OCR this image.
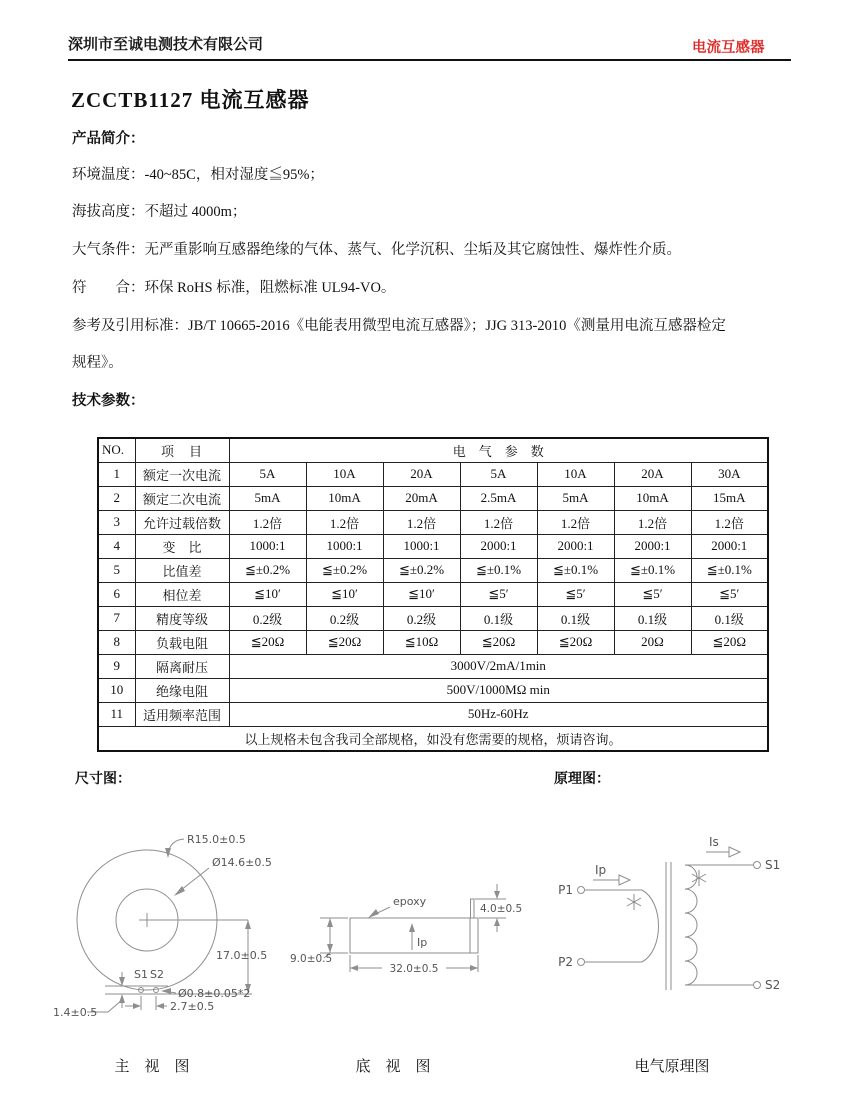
深圳市至诚电测技术有限公司	电流互感器
ZCCTB1127 电流互感器
产品简介：
环境温度：-40~85C，相对湿度≦95%；
海拔高度：不超过 4000m；
大气条件：无严重影响互感器绝缘的气体、蒸气、化学沉积、尘垢及其它腐蚀性、爆炸性介质。
符　　合：环保 RoHS 标准，阻燃标准 UL94-VO。
参考及引用标准：JB/T 10665-2016《电能表用微型电流互感器》；JJG 313-2010《测量用电流互感器检定
规程》。
技术参数：
NO.	项　目	电　气　参　数						
1	额定一次电流	5A	10A	20A	5A	10A	20A	30A
2	额定二次电流	5mA	10mA	20mA	2.5mA	5mA	10mA	15mA
3	允许过载倍数	1.2倍	1.2倍	1.2倍	1.2倍	1.2倍	1.2倍	1.2倍
4	变　比	1000:1	1000:1	1000:1	2000:1	2000:1	2000:1	2000:1
5	比值差	≦±0.2%	≦±0.2%	≦±0.2%	≦±0.1%	≦±0.1%	≦±0.1%	≦±0.1%
6	相位差	≦10′	≦10′	≦10′	≦5′	≦5′	≦5′	≦5′
7	精度等级	0.2级	0.2级	0.2级	0.1级	0.1级	0.1级	0.1级
8	负载电阻	≦20Ω	≦20Ω	≦10Ω	≦20Ω	≦20Ω	20Ω	≦20Ω
9	隔离耐压	3000V/2mA/1min						
10	绝缘电阻	500V/1000MΩ min						
11	适用频率范围	50Hz-60Hz						
以上规格未包含我司全部规格，如没有您需要的规格，烦请咨询。								
尺寸图：	原理图：
R15.0±0.5
Ø14.6±0.5
17.0±0.5
S1 S2
Ø0.8±0.05*2
2.7±0.5
1.4±0.5
epoxy
Ip
9.0±0.5
32.0±0.5
4.0±0.5
Ip
Is
P1
P2
S1
S2
主　视　图	底　视　图	电气原理图
